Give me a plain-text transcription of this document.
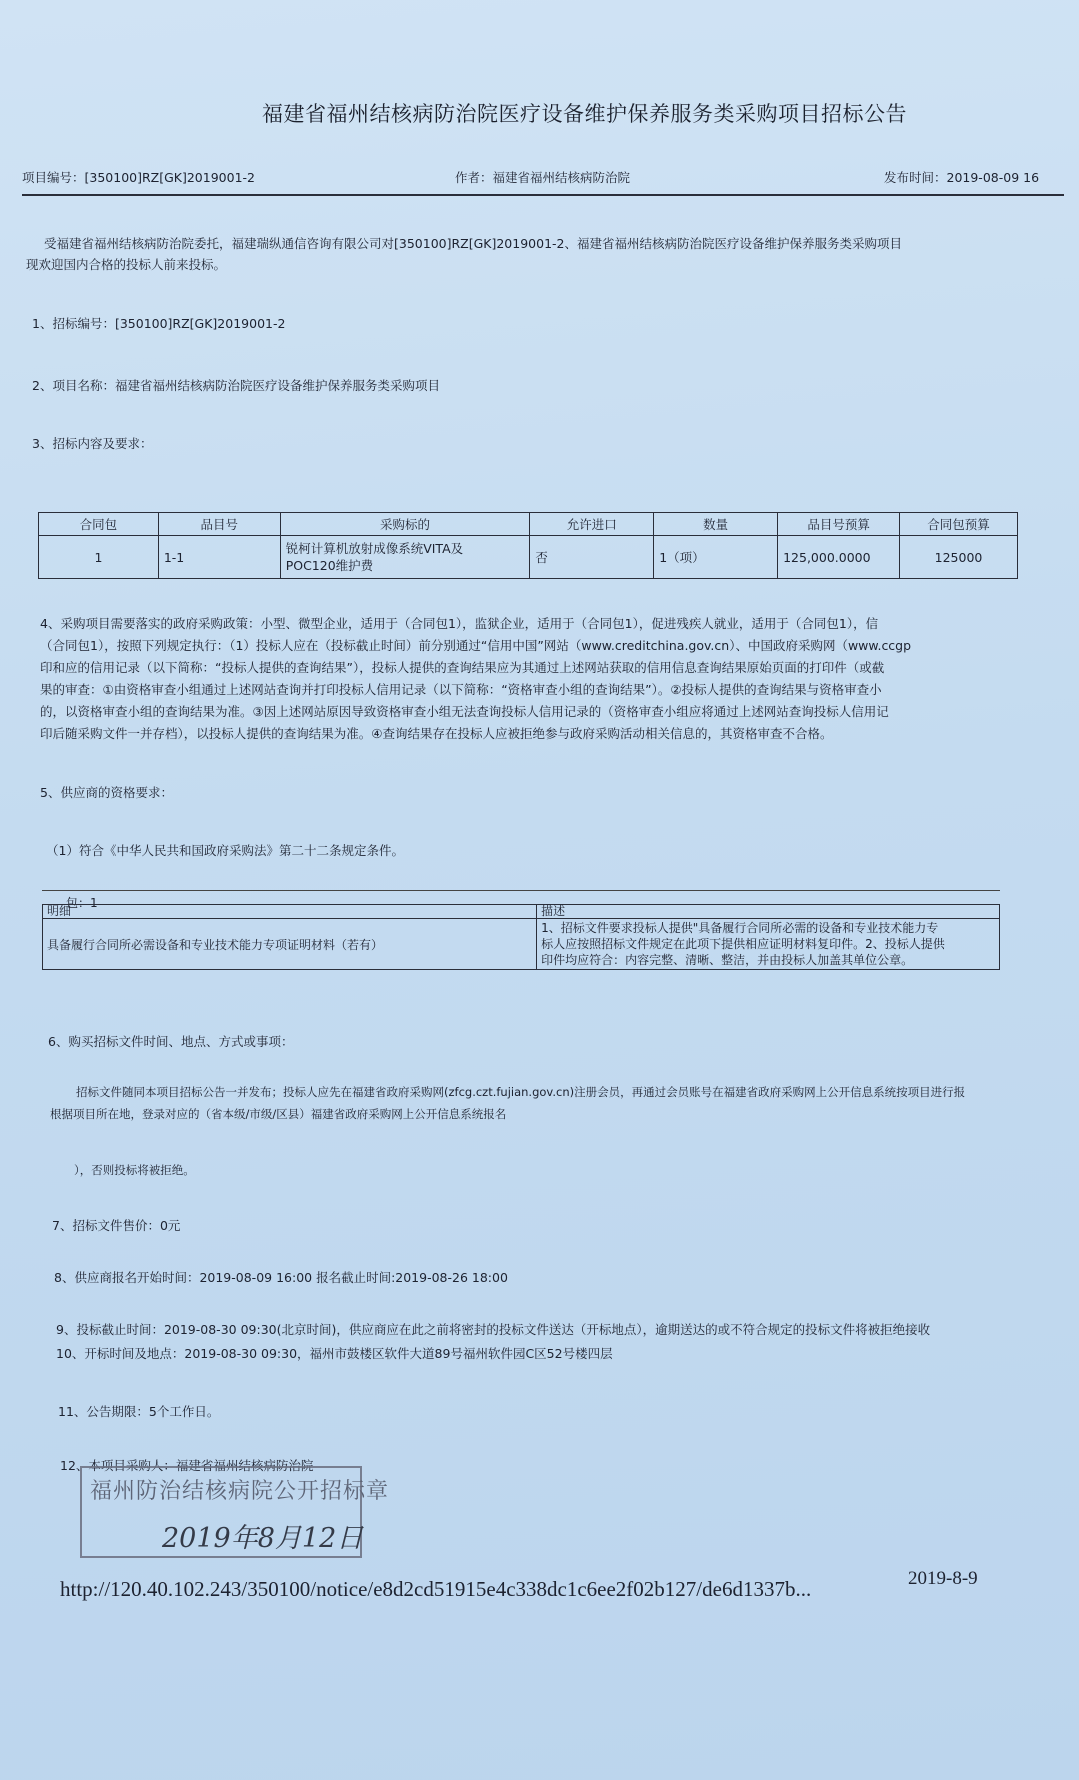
福建省福州结核病防治院医疗设备维护保养服务类采购项目招标公告
项目编号：[350100]RZ[GK]2019001-2	作者：福建省福州结核病防治院	发布时间：2019-08-09 16
受福建省福州结核病防治院委托，福建瑞纵通信咨询有限公司对[350100]RZ[GK]2019001-2、福建省福州结核病防治院医疗设备维护保养服务类采购项目
现欢迎国内合格的投标人前来投标。
1、招标编号：[350100]RZ[GK]2019001-2
2、项目名称：福建省福州结核病防治院医疗设备维护保养服务类采购项目
3、招标内容及要求：
合同包	品目号	采购标的	允许进口	数量	品目号预算	合同包预算
1	1-1	锐柯计算机放射成像系统VITA及
POC120维护费	否	1（项）	125,000.0000	125000
4、采购项目需要落实的政府采购政策：小型、微型企业，适用于（合同包1），监狱企业，适用于（合同包1），促进残疾人就业，适用于（合同包1），信
（合同包1），按照下列规定执行：（1）投标人应在（投标截止时间）前分别通过“信用中国”网站（www.creditchina.gov.cn）、中国政府采购网（www.ccgp
印和应的信用记录（以下简称：“投标人提供的查询结果”），投标人提供的查询结果应为其通过上述网站获取的信用信息查询结果原始页面的打印件（或截
果的审查：①由资格审查小组通过上述网站查询并打印投标人信用记录（以下简称：“资格审查小组的查询结果”）。②投标人提供的查询结果与资格审查小
的，以资格审查小组的查询结果为准。③因上述网站原因导致资格审查小组无法查询投标人信用记录的（资格审查小组应将通过上述网站查询投标人信用记
印后随采购文件一并存档），以投标人提供的查询结果为准。④查询结果存在投标人应被拒绝参与政府采购活动相关信息的，其资格审查不合格。
5、供应商的资格要求：
（1）符合《中华人民共和国政府采购法》第二十二条规定条件。
包：1
明细	描述
具备履行合同所必需设备和专业技术能力专项证明材料（若有）	1、招标文件要求投标人提供"具备履行合同所必需的设备和专业技术能力专
标人应按照招标文件规定在此项下提供相应证明材料复印件。2、投标人提供
印件均应符合：内容完整、清晰、整洁，并由投标人加盖其单位公章。
6、购买招标文件时间、地点、方式或事项：
招标文件随同本项目招标公告一并发布；投标人应先在福建省政府采购网(zfcg.czt.fujian.gov.cn)注册会员，再通过会员账号在福建省政府采购网上公开信息系统按项目进行报
根据项目所在地，登录对应的（省本级/市级/区县）福建省政府采购网上公开信息系统报名
），否则投标将被拒绝。
7、招标文件售价：0元
8、供应商报名开始时间：2019-08-09 16:00 报名截止时间:2019-08-26 18:00
9、投标截止时间：2019-08-30 09:30(北京时间)，供应商应在此之前将密封的投标文件送达（开标地点），逾期送达的或不符合规定的投标文件将被拒绝接收
10、开标时间及地点：2019-08-30 09:30，福州市鼓楼区软件大道89号福州软件园C区52号楼四层
11、公告期限：5个工作日。
12、本项目采购人：福建省福州结核病防治院
福州防治结核病院公开招标章
2019年8月12日
http://120.40.102.243/350100/notice/e8d2cd51915e4c338dc1c6ee2f02b127/de6d1337b...	2019-8-9
